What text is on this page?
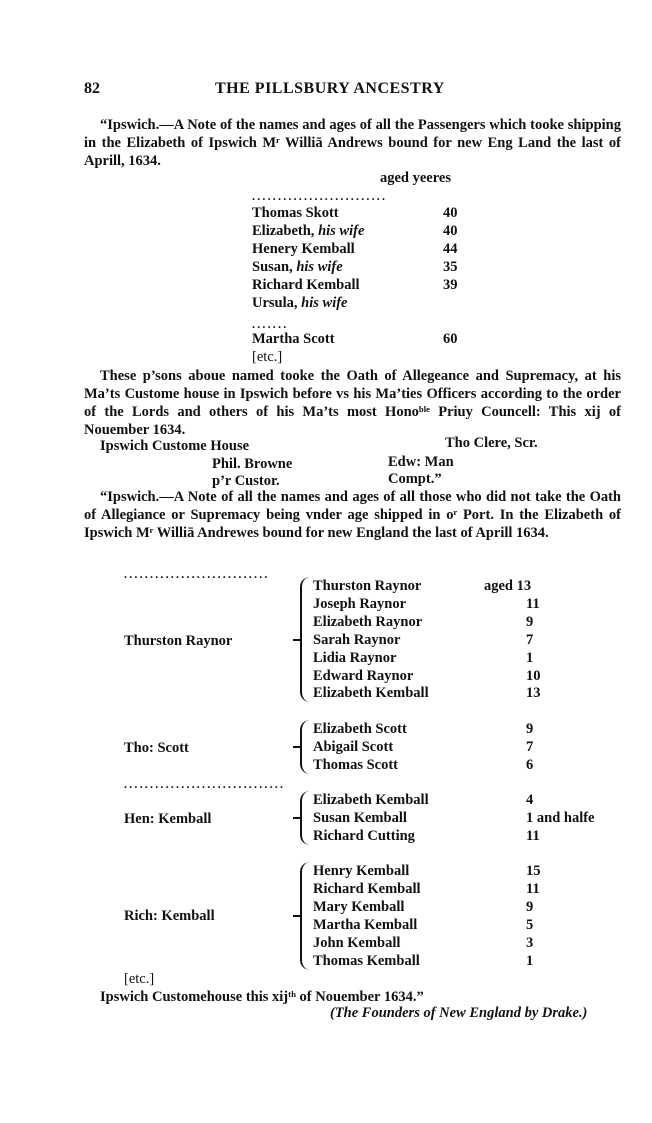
82	THE PILLSBURY ANCESTRY
“Ipswich.—A Note of the names and ages of all the Passengers which tooke shipping in the Elizabeth of Ipswich Mʳ Williā Andrews bound for new Eng Land the last of Aprill, 1634.
aged yeeres
..........................
Thomas Skott	40
Elizabeth, his wife	40
Henery Kemball	44
Susan, his wife	35
Richard Kemball	39
Ursula, his wife
.......
Martha Scott	60
[etc.]
These p’sons aboue named tooke the Oath of Allegeance and Supremacy, at his Ma’ts Custome house in Ipswich before vs his Ma’ties Officers according to the order of the Lords and others of his Ma’ts most Honoᵇˡᵉ Priuy Councell: This xij of Nouember 1634.
Ipswich Custome House	Tho Clere, Scr.
Phil. Browne	Edw: Man
p’r Custor.	Compt.”
“Ipswich.—A Note of all the names and ages of all those who did not take the Oath of Allegiance or Supremacy being vnder age shipped in oʳ Port. In the Elizabeth of Ipswich Mʳ Williā Andrewes bound for new England the last of Aprill 1634.
............................
Thurston Raynor
Thurston Raynor	aged 13
Joseph Raynor	11
Elizabeth Raynor	9
Sarah Raynor	7
Lidia Raynor	1
Edward Raynor	10
Elizabeth Kemball	13
Tho: Scott
Elizabeth Scott	9
Abigail Scott	7
Thomas Scott	6
...............................
Hen: Kemball
Elizabeth Kemball	4
Susan Kemball	1 and halfe
Richard Cutting	11
Rich: Kemball
Henry Kemball	15
Richard Kemball	11
Mary Kemball	9
Martha Kemball	5
John Kemball	3
Thomas Kemball	1
[etc.]
Ipswich Customehouse this xijᵗʰ of Nouember 1634.”
(The Founders of New England by Drake.)
